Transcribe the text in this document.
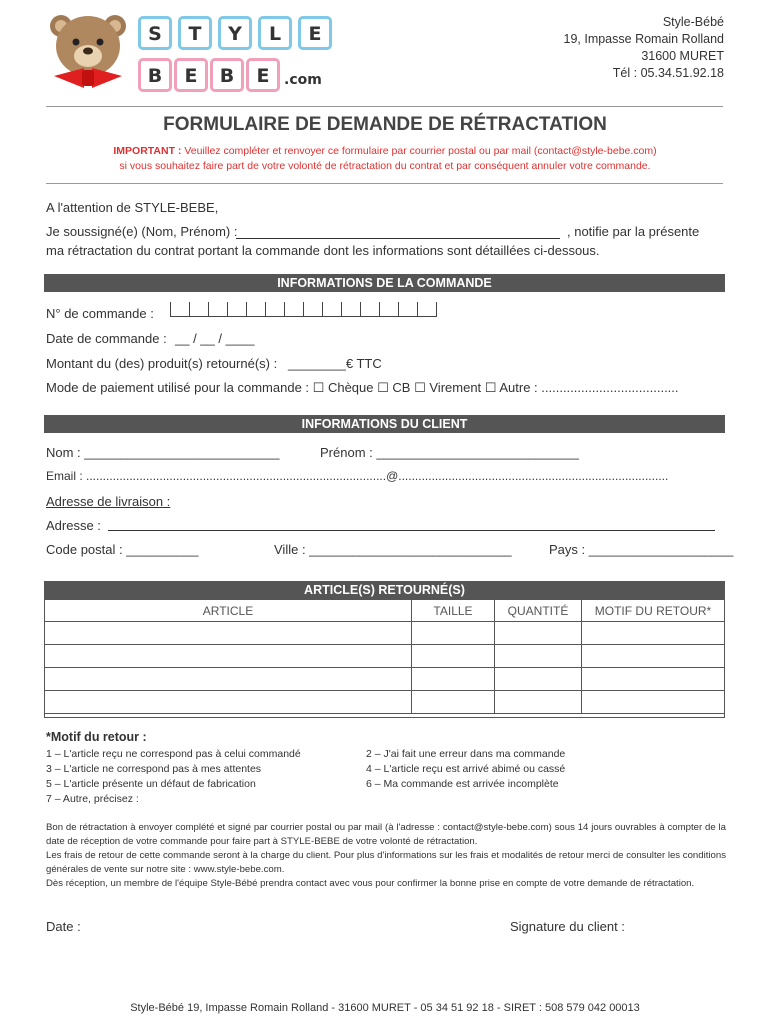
S	T	Y	L	E
B	E	B	E	.com
Style-Bébé
19, Impasse Romain Rolland
31600 MURET
Tél : 05.34.51.92.18
FORMULAIRE DE DEMANDE DE RÉTRACTATION
IMPORTANT : Veuillez compléter et renvoyer ce formulaire par courrier postal ou par mail (contact@style-bebe.com)
si vous souhaitez faire part de votre volonté de rétractation du contrat et par conséquent annuler votre commande.
A l'attention de STYLE-BEBE,
Je soussigné(e) (Nom, Prénom) :	, notifie par la présente
ma rétractation du contrat portant la commande dont les informations sont détaillées ci-dessous.
INFORMATIONS DE LA COMMANDE
N° de commande :
Date de commande : __ / __ / ____
Montant du (des) produit(s) retourné(s) : ________€ TTC
Mode de paiement utilisé pour la commande : ☐ Chèque ☐ CB ☐ Virement ☐ Autre : ......................................
INFORMATIONS DU CLIENT
Nom : ___________________________	Prénom : ____________________________
Email : ..........................................................................................@.................................................................................
Adresse de livraison :
Adresse :
Code postal : __________	Ville : ____________________________	Pays : ____________________
ARTICLE(S) RETOURNÉ(S)
ARTICLE	TAILLE	QUANTITÉ	MOTIF DU RETOUR*

*Motif du retour :
1 – L'article reçu ne correspond pas à celui commandé
3 – L'article ne correspond pas à mes attentes
5 – L'article présente un défaut de fabrication
7 – Autre, précisez :
2 – J'ai fait une erreur dans ma commande
4 – L'article reçu est arrivé abimé ou cassé
6 – Ma commande est arrivée incomplète
Bon de rétractation à envoyer complété et signé par courrier postal ou par mail (à l'adresse : contact@style-bebe.com) sous 14 jours ouvrables à compter de la date de réception de votre commande pour faire part à STYLE-BEBE de votre volonté de rétractation.
Les frais de retour de cette commande seront à la charge du client. Pour plus d'informations sur les frais et modalités de retour merci de consulter les conditions générales de vente sur notre site : www.style-bebe.com.
Dès réception, un membre de l'équipe Style-Bébé prendra contact avec vous pour confirmer la bonne prise en compte de votre demande de rétractation.
Date :	Signature du client :
Style-Bébé 19, Impasse Romain Rolland - 31600 MURET - 05 34 51 92 18 - SIRET : 508 579 042 00013
